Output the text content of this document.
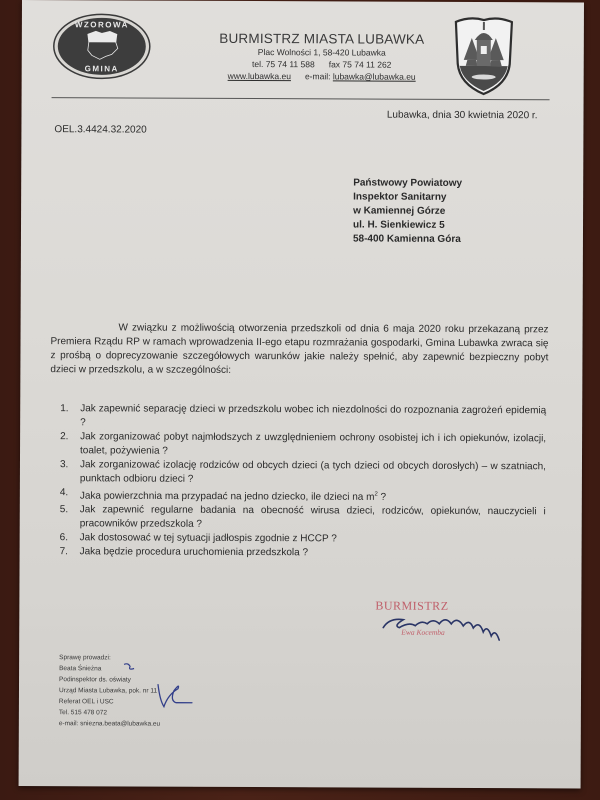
WZOROWA
GMINA
BURMISTRZ MIASTA LUBAWKA
Plac Wolności 1, 58-420 Lubawka
tel. 75 74 11 588 fax 75 74 11 262
www.lubawka.eu e-mail: lubawka@lubawka.eu
Lubawka, dnia 30 kwietnia 2020 r.
OEL.3.4424.32.2020
Państwowy Powiatowy
Inspektor Sanitarny
w Kamiennej Górze
ul. H. Sienkiewicz 5
58-400 Kamienna Góra
W związku z możliwością otworzenia przedszkoli od dnia 6 maja 2020 roku przekazaną przez Premiera Rządu RP w ramach wprowadzenia II-ego etapu rozmrażania gospodarki, Gmina Lubawka zwraca się z prośbą o doprecyzowanie szczegółowych warunków jakie należy spełnić, aby zapewnić bezpieczny pobyt dzieci w przedszkolu, a w szczególności:
1. Jak zapewnić separację dzieci w przedszkolu wobec ich niezdolności do rozpoznania zagrożeń epidemią ?
2. Jak zorganizować pobyt najmłodszych z uwzględnieniem ochrony osobistej ich i ich opiekunów, izolacji, toalet, pożywienia ?
3. Jak zorganizować izolację rodziców od obcych dzieci (a tych dzieci od obcych dorosłych) – w szatniach, punktach odbioru dzieci ?
4. Jaka powierzchnia ma przypadać na jedno dziecko, ile dzieci na $m^2$ ?
5. Jak zapewnić regularne badania na obecność wirusa dzieci, rodziców, opiekunów, nauczycieli i pracowników przedszkola ?
6. Jak dostosować w tej sytuacji jadłospis zgodnie z HCCP ?
7. Jaka będzie procedura uruchomienia przedszkola ?
BURMISTRZ
Ewa Kocemba
Sprawę prowadzi:
Beata Śnieżna
Podinspektor ds. oświaty
Urząd Miasta Lubawka, pok. nr 11
Referat OEL i USC
Tel. 515 478 072
e-mail: sniezna.beata@lubawka.eu
